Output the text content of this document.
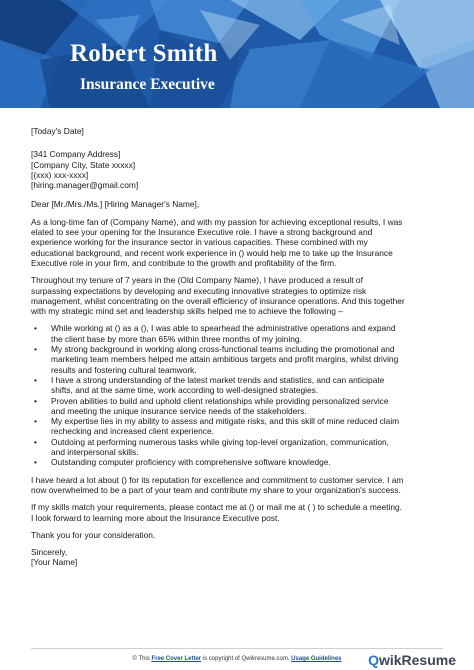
Robert Smith
Insurance Executive
[Today's Date]
[341 Company Address]
[Company City, State xxxxx]
[(xxx) xxx-xxxx]
[hiring.manager@gmail.com]
Dear [Mr./Mrs./Ms.] [Hiring Manager's Name],
As a long-time fan of (Company Name), and with my passion for achieving exceptional results, I was
elated to see your opening for the Insurance Executive role. I have a strong background and
experience working for the insurance sector in various capacities. These combined with my
educational background, and recent work experience in () would help me to take up the Insurance
Executive role in your firm, and contribute to the growth and profitability of the firm.
Throughout my tenure of 7 years in the (Old Company Name), I have produced a result of
surpassing expectations by developing and executing innovative strategies to optimize risk
management, whilst concentrating on the overall efficiency of insurance operations. And this together
with my strategic mind set and leadership skills helped me to achieve the following –
• While working at () as a (), I was able to spearhead the administrative operations and expand
the client base by more than 65% within three months of my joining.
• My strong background in working along cross-functional teams including the promotional and
marketing team members helped me attain ambitious targets and profit margins, whilst driving
results and fostering cultural teamwork.
• I have a strong understanding of the latest market trends and statistics, and can anticipate
shifts, and at the same time, work according to well-designed strategies.
• Proven abilities to build and uphold client relationships while providing personalized service
and meeting the unique insurance service needs of the stakeholders.
• My expertise lies in my ability to assess and mitigate risks, and this skill of mine reduced claim
rechecking and increased client experience.
• Outdoing at performing numerous tasks while giving top-level organization, communication,
and interpersonal skills.
• Outstanding computer proficiency with comprehensive software knowledge.
I have heard a lot about () for its reputation for excellence and commitment to customer service. I am
now overwhelmed to be a part of your team and contribute my share to your organization's success.
If my skills match your requirements, please contact me at () or mail me at ( ) to schedule a meeting.
I look forward to learning more about the Insurance Executive post.
Thank you for your consideration.
Sincerely,
[Your Name]
© This Free Cover Letter is copyright of Qwikresume.com. Usage Guidelines	QwikResume
